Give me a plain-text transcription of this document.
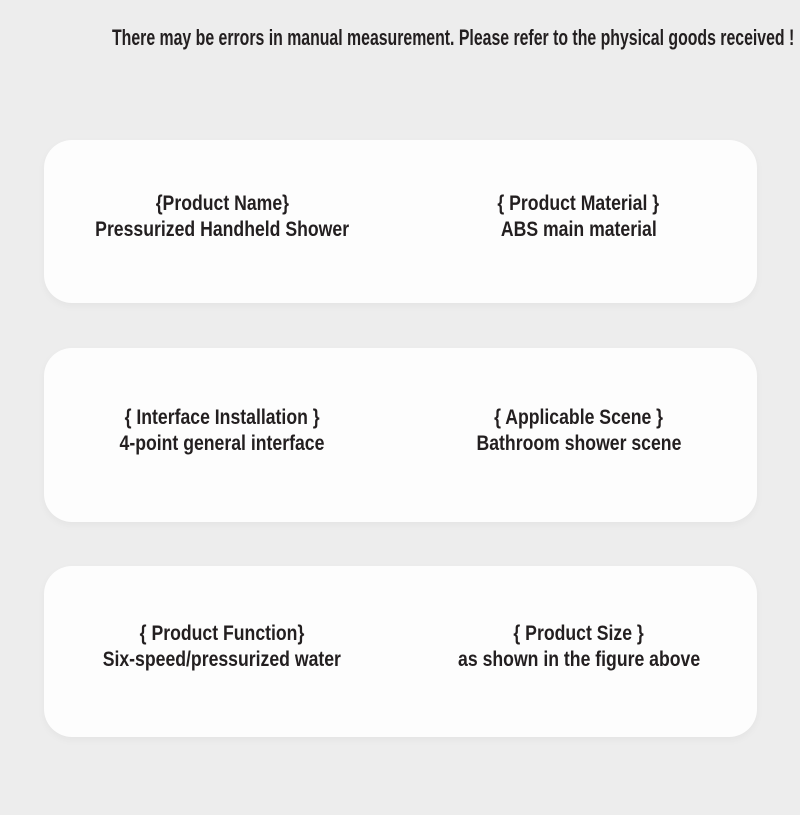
There may be errors in manual measurement. Please refer to the physical goods received !
{Product Name}
Pressurized Handheld Shower
{ Product Material }
ABS main material
{ Interface Installation }
4-point general interface
{ Applicable Scene }
Bathroom shower scene
{ Product Function}
Six-speed/pressurized water
{ Product Size }
as shown in the figure above
